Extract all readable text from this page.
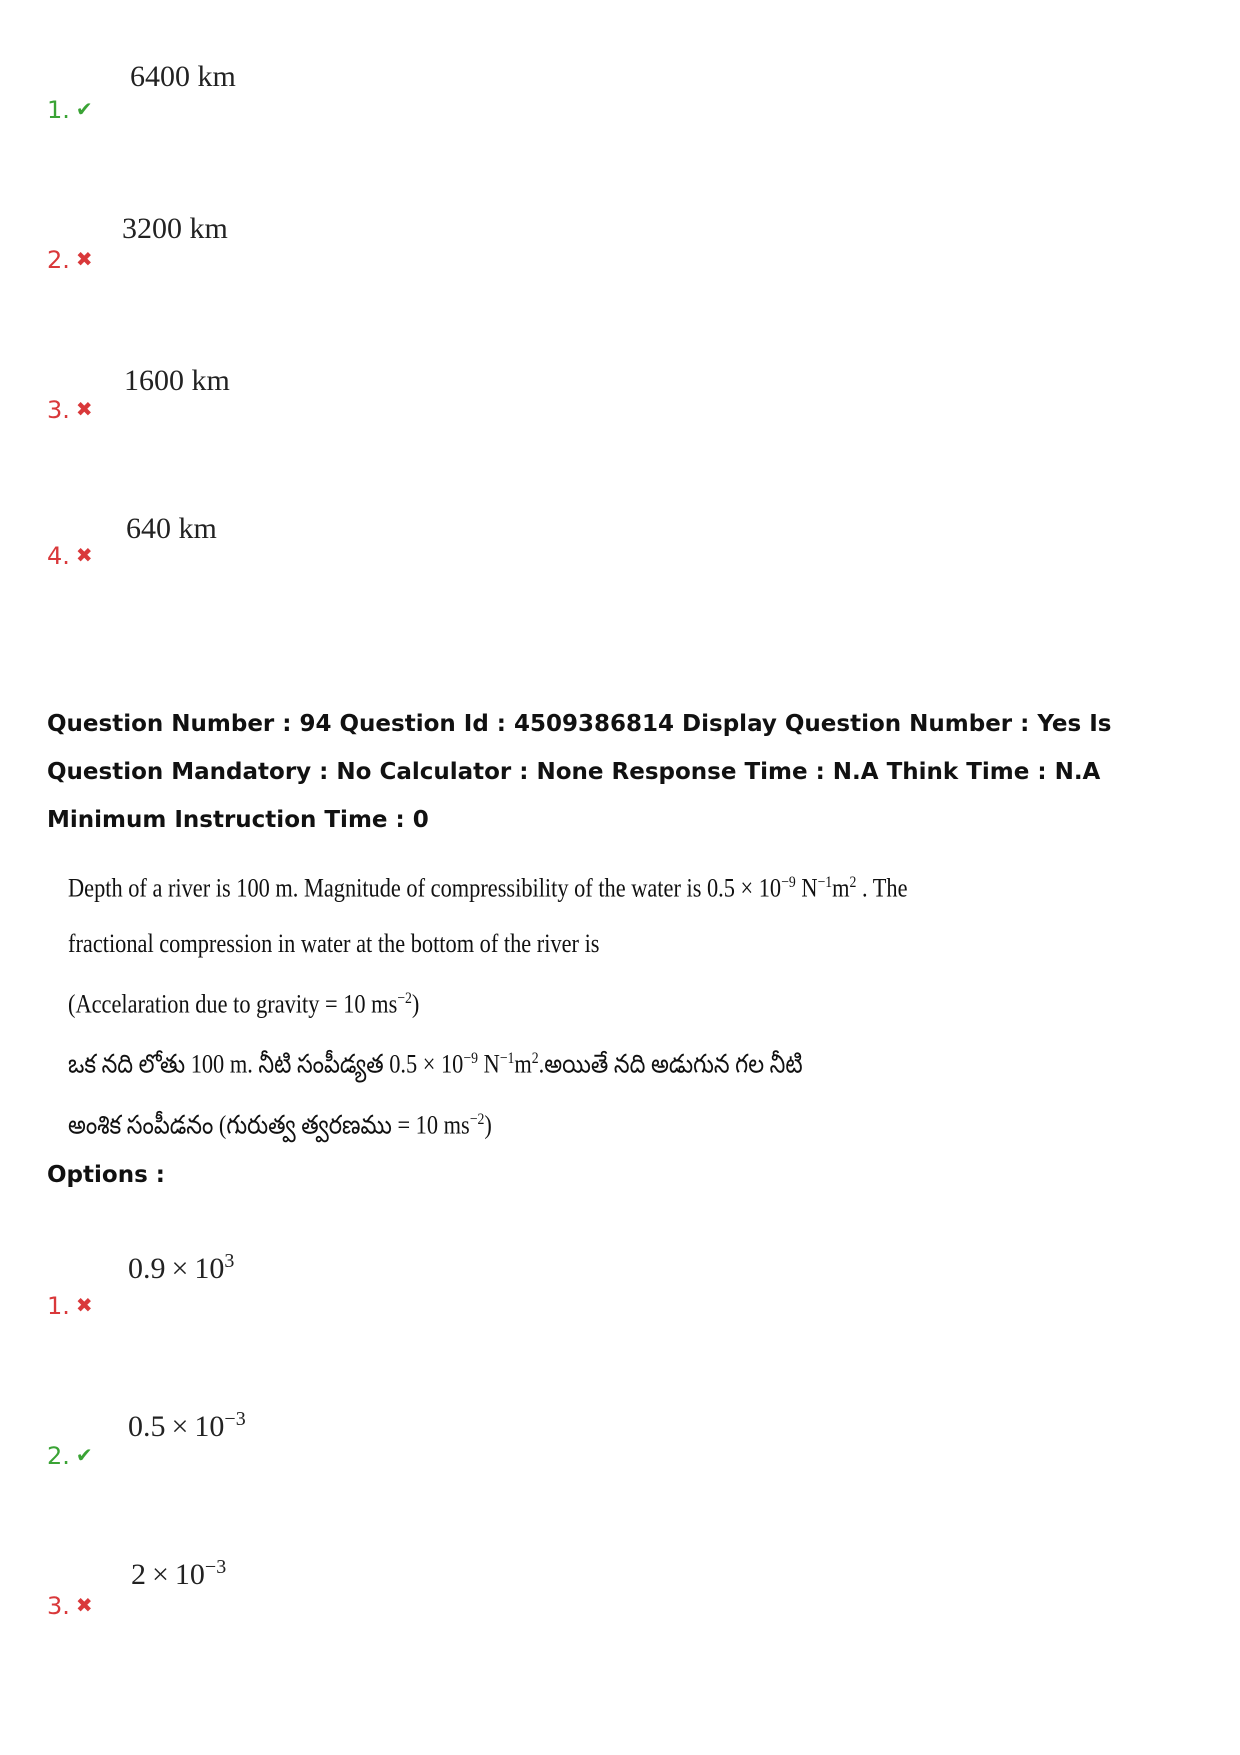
6400 km
1. ✔
3200 km
2. ✖
1600 km
3. ✖
640 km
4. ✖
Question Number : 94 Question Id : 4509386814 Display Question Number : Yes Is Question Mandatory : No Calculator : None Response Time : N.A Think Time : N.A Minimum Instruction Time : 0
Depth of a river is 100 m. Magnitude of compressibility of the water is $0.5 \times 10^{-9}$ $N^{-1}m^2$ . The
fractional compression in water at the bottom of the river is
(Accelaration due to gravity = 10 $ms^{-2}$)
ఒక నది లోతు 100 m. నీటి సంపీడ్యత $0.5 \times 10^{-9}$ $N^{-1}m^2.అయితే$ నది అడుగున గల నీటి
అంశిక సంపీడనం (గురుత్వ త్వరణము = 10 $ms^{-2}$)
Options :
$0.9 \times 10^3$
1. ✖
$0.5 \times 10^{-3}$
2. ✔
$2 \times 10^{-3}$
3. ✖
